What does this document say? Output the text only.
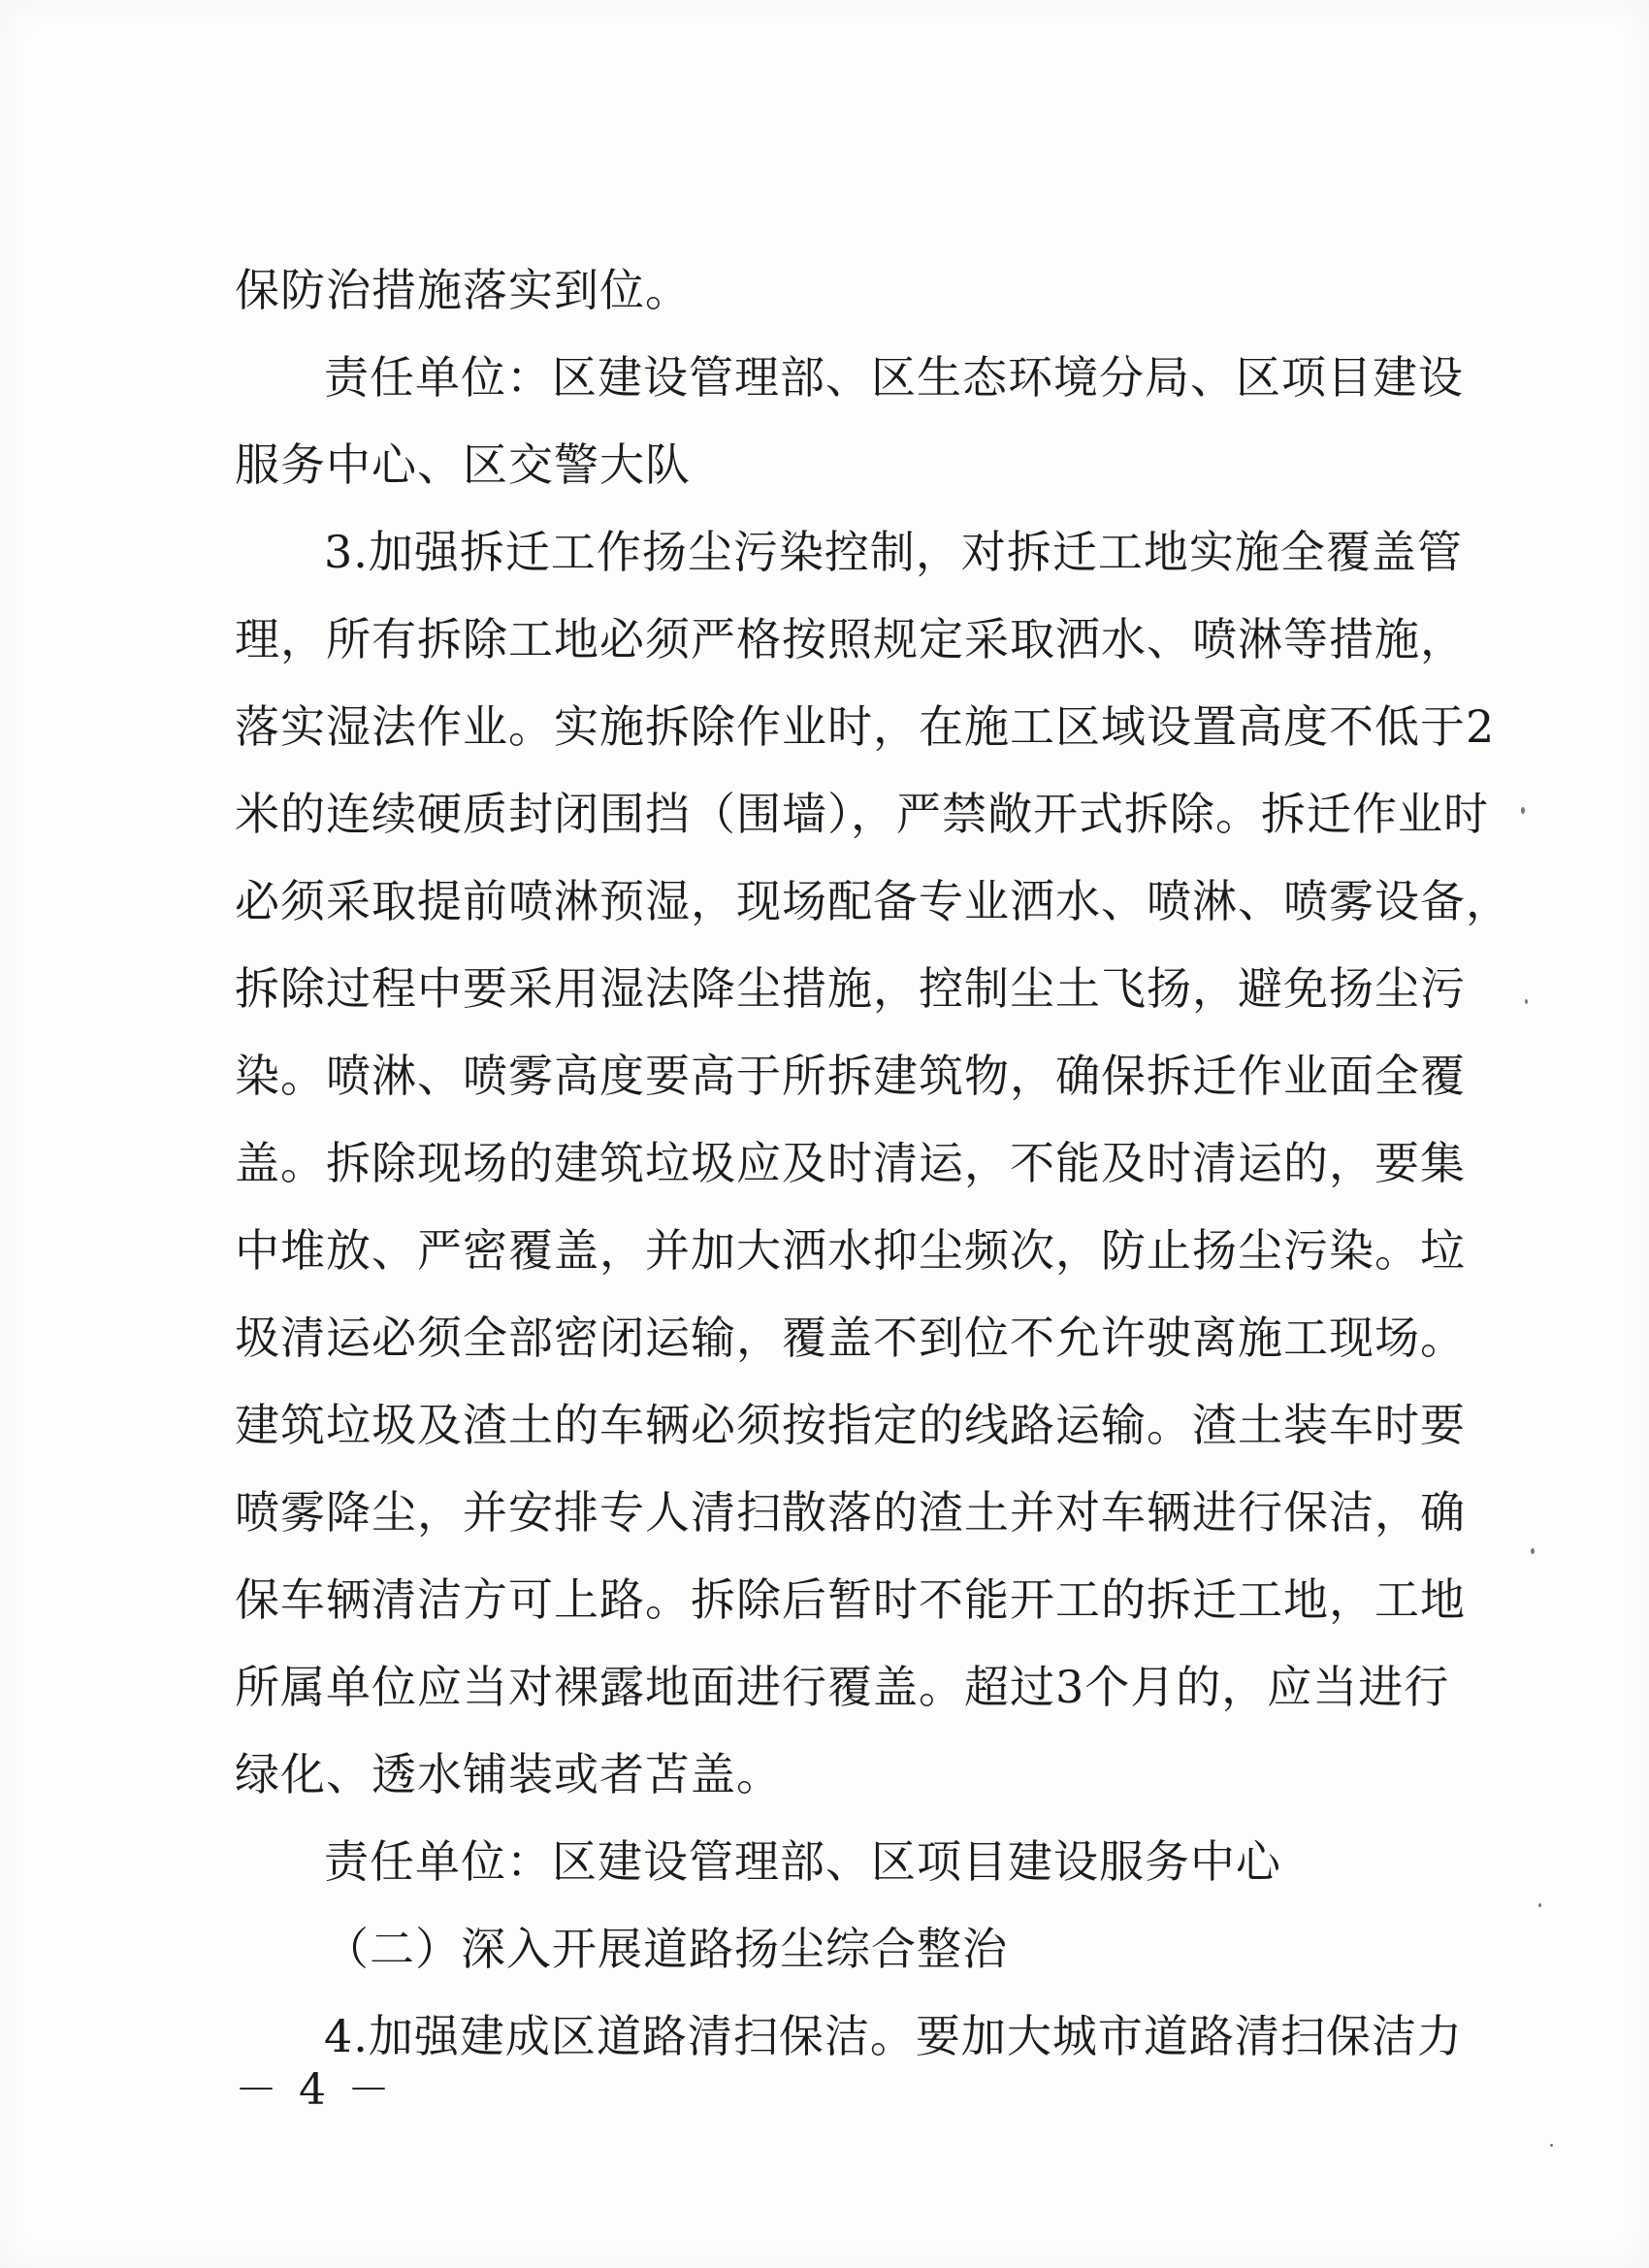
保防治措施落实到位。
责任单位：区建设管理部、区生态环境分局、区项目建设
服务中心、区交警大队
3.加强拆迁工作扬尘污染控制，对拆迁工地实施全覆盖管
理，所有拆除工地必须严格按照规定采取洒水、喷淋等措施，
落实湿法作业。实施拆除作业时，在施工区域设置高度不低于2
米的连续硬质封闭围挡（围墙），严禁敞开式拆除。拆迁作业时
必须采取提前喷淋预湿，现场配备专业洒水、喷淋、喷雾设备，
拆除过程中要采用湿法降尘措施，控制尘土飞扬，避免扬尘污
染。喷淋、喷雾高度要高于所拆建筑物，确保拆迁作业面全覆
盖。拆除现场的建筑垃圾应及时清运，不能及时清运的，要集
中堆放、严密覆盖，并加大洒水抑尘频次，防止扬尘污染。垃
圾清运必须全部密闭运输，覆盖不到位不允许驶离施工现场。
建筑垃圾及渣土的车辆必须按指定的线路运输。渣土装车时要
喷雾降尘，并安排专人清扫散落的渣土并对车辆进行保洁，确
保车辆清洁方可上路。拆除后暂时不能开工的拆迁工地，工地
所属单位应当对裸露地面进行覆盖。超过3个月的，应当进行
绿化、透水铺装或者苫盖。
责任单位：区建设管理部、区项目建设服务中心
（二）深入开展道路扬尘综合整治
4.加强建成区道路清扫保洁。要加大城市道路清扫保洁力
－ 4 －
